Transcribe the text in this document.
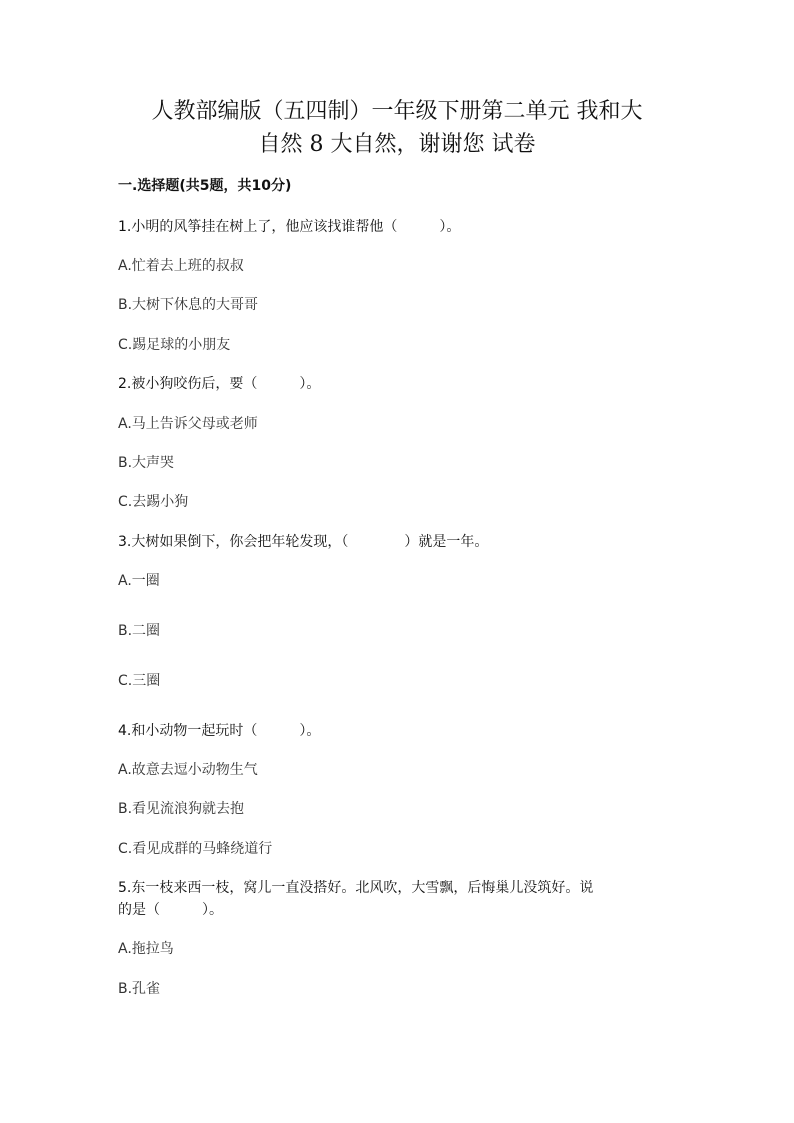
人教部编版（五四制）一年级下册第二单元 我和大
自然 8 大自然，谢谢您 试卷
一.选择题(共5题，共10分)
1.小明的风筝挂在树上了，他应该找谁帮他（　　　）。
A.忙着去上班的叔叔
B.大树下休息的大哥哥
C.踢足球的小朋友
2.被小狗咬伤后，要（　　　）。
A.马上告诉父母或老师
B.大声哭
C.去踢小狗
3.大树如果倒下，你会把年轮发现，（　　　　）就是一年。
A.一圈
B.二圈
C.三圈
4.和小动物一起玩时（　　　）。
A.故意去逗小动物生气
B.看见流浪狗就去抱
C.看见成群的马蜂绕道行
5.东一枝来西一枝，窝儿一直没搭好。北风吹，大雪飘，后悔巢儿没筑好。说
的是（　　　）。
A.拖拉鸟
B.孔雀
